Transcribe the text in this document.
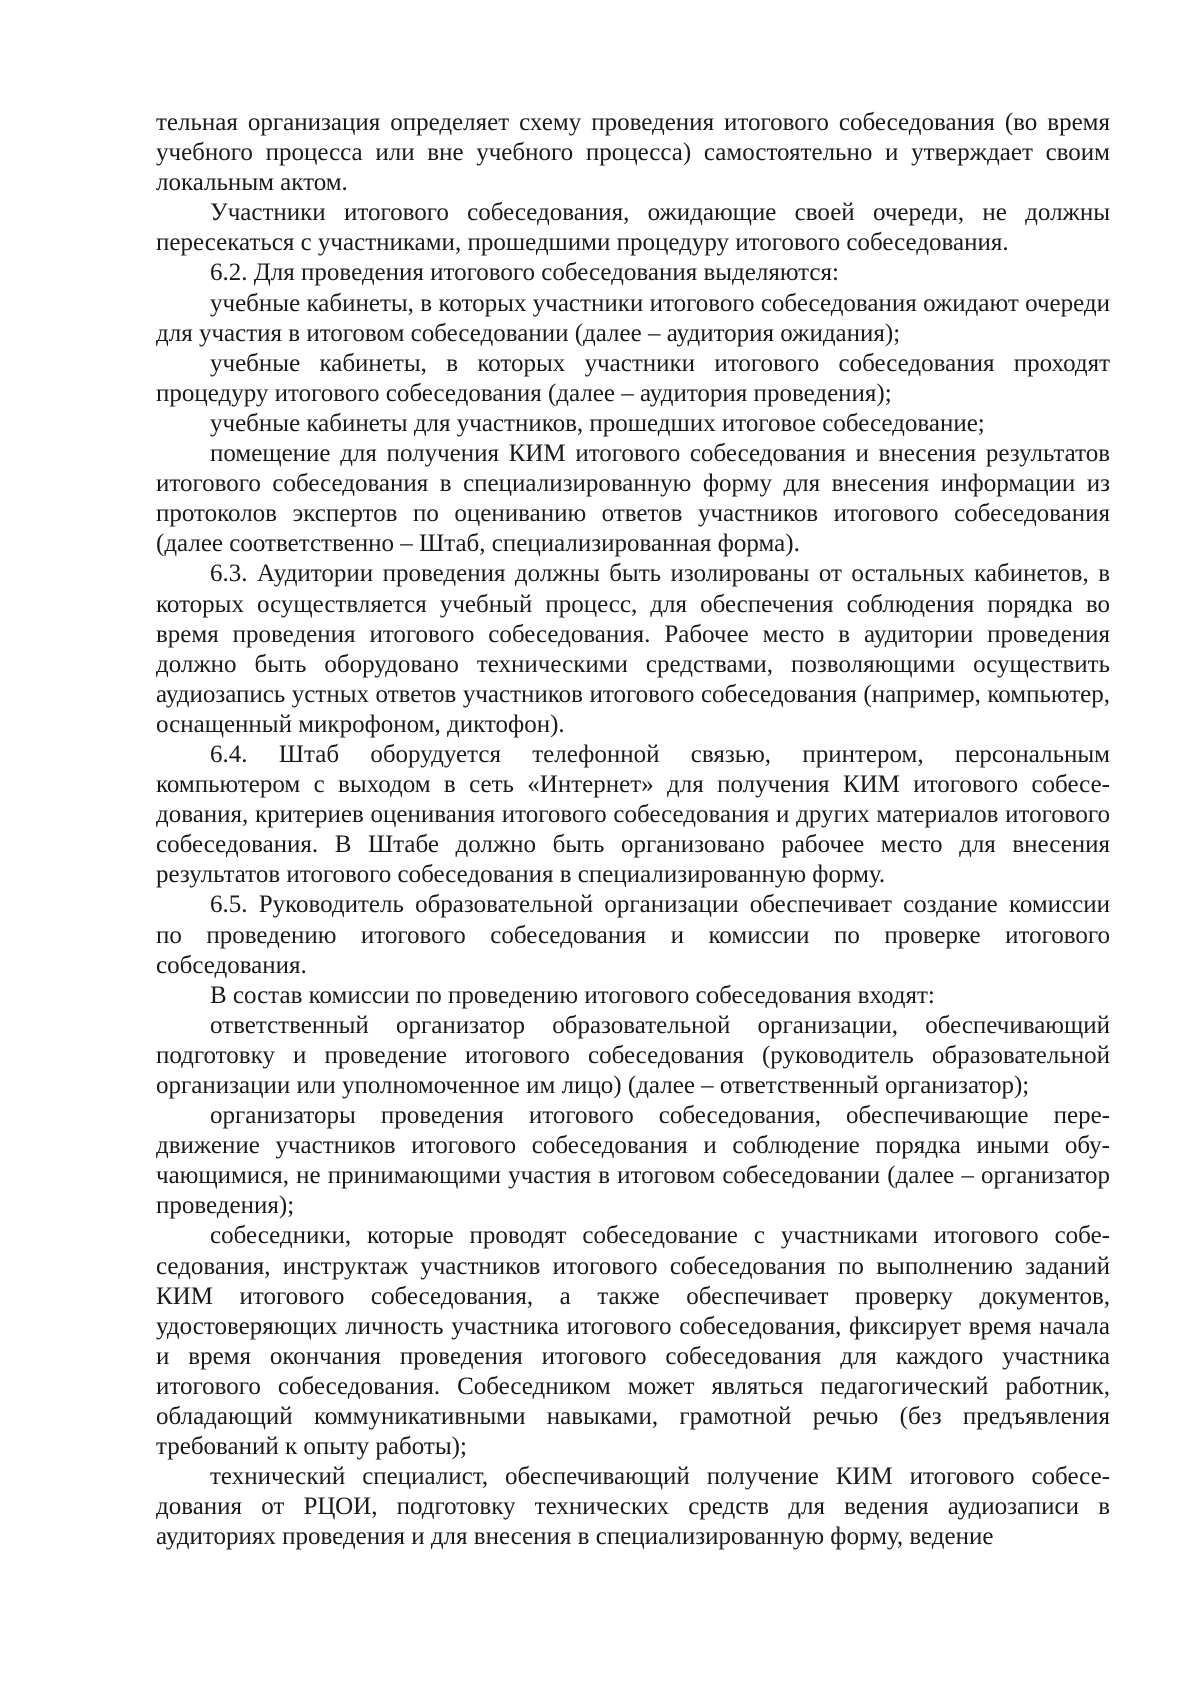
тельная организация определяет схему проведения итогового собеседования (во время учебного процесса или вне учебного процесса) самостоятельно и утверждает своим локальным актом.

Участники итогового собеседования, ожидающие своей очереди, не должны пересекаться с участниками, прошедшими процедуру итогового собеседования.

6.2. Для проведения итогового собеседования выделяются:

учебные кабинеты, в которых участники итогового собеседования ожидают очереди для участия в итоговом собеседовании (далее – аудитория ожидания);

учебные кабинеты, в которых участники итогового собеседования проходят процедуру итогового собеседования (далее – аудитория проведения);

учебные кабинеты для участников, прошедших итоговое собеседование;

помещение для получения КИМ итогового собеседования и внесения результатов итогового собеседования в специализированную форму для внесения информации из протоколов экспертов по оцениванию ответов участников итогового собеседования (далее соответственно – Штаб, специализированная форма).

6.3. Аудитории проведения должны быть изолированы от остальных кабинетов, в которых осуществляется учебный процесс, для обеспечения соблюдения порядка во время проведения итогового собеседования. Рабочее место в аудитории проведения должно быть оборудовано техническими средствами, позволяющими осуществить аудиозапись устных ответов участников итогового собеседования (например, компьютер, оснащенный микрофоном, диктофон).

6.4. Штаб оборудуется телефонной связью, принтером, персональным компьютером с выходом в сеть «Интернет» для получения КИМ итогового собеседования, критериев оценивания итогового собеседования и других материалов итогового собеседования. В Штабе должно быть организовано рабочее место для внесения результатов итогового собеседования в специализированную форму.

6.5. Руководитель образовательной организации обеспечивает создание комиссии по проведению итогового собеседования и комиссии по проверке итогового собседования.

В состав комиссии по проведению итогового собеседования входят:

ответственный организатор образовательной организации, обеспечивающий подготовку и проведение итогового собеседования (руководитель образовательной организации или уполномоченное им лицо) (далее – ответственный организатор);

организаторы проведения итогового собеседования, обеспечивающие передвижение участников итогового собеседования и соблюдение порядка иными обучающимися, не принимающими участия в итоговом собеседовании (далее – организатор проведения);

собеседники, которые проводят собеседование с участниками итогового собеседования, инструктаж участников итогового собеседования по выполнению заданий КИМ итогового собеседования, а также обеспечивает проверку документов, удостоверяющих личность участника итогового собеседования, фиксирует время начала и время окончания проведения итогового собеседования для каждого участника итогового собеседования. Собеседником может являться педагогический работник, обладающий коммуникативными навыками, грамотной речью (без предъявления требований к опыту работы);

технический специалист, обеспечивающий получение КИМ итогового собеседования от РЦОИ, подготовку технических средств для ведения аудиозаписи в аудиториях проведения и для внесения в специализированную форму, ведение
